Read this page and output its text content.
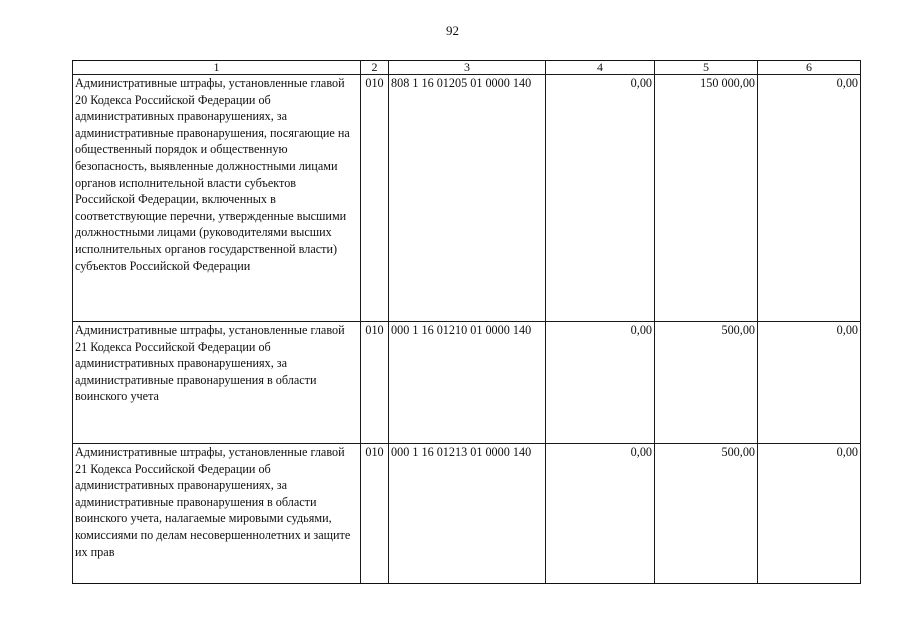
92
1	2	3	4	5	6
Административные штрафы, установленные главой 20 Кодекса Российской Федерации об административных правонарушениях, за административные правонарушения, посягающие на общественный порядок и общественную безопасность, выявленные должностными лицами органов исполнительной власти субъектов Российской Федерации, включенных в соответствующие перечни, утвержденные высшими должностными лицами (руководителями высших исполнительных органов государственной власти) субъектов Российской Федерации	010	808 1 16 01205 01 0000 140	0,00	150 000,00	0,00
Административные штрафы, установленные главой 21 Кодекса Российской Федерации об административных правонарушениях, за административные правонарушения в области воинского учета	010	000 1 16 01210 01 0000 140	0,00	500,00	0,00
Административные штрафы, установленные главой 21 Кодекса Российской Федерации об административных правонарушениях, за административные правонарушения в области воинского учета, налагаемые мировыми судьями, комиссиями по делам несовершеннолетних и защите их прав	010	000 1 16 01213 01 0000 140	0,00	500,00	0,00
